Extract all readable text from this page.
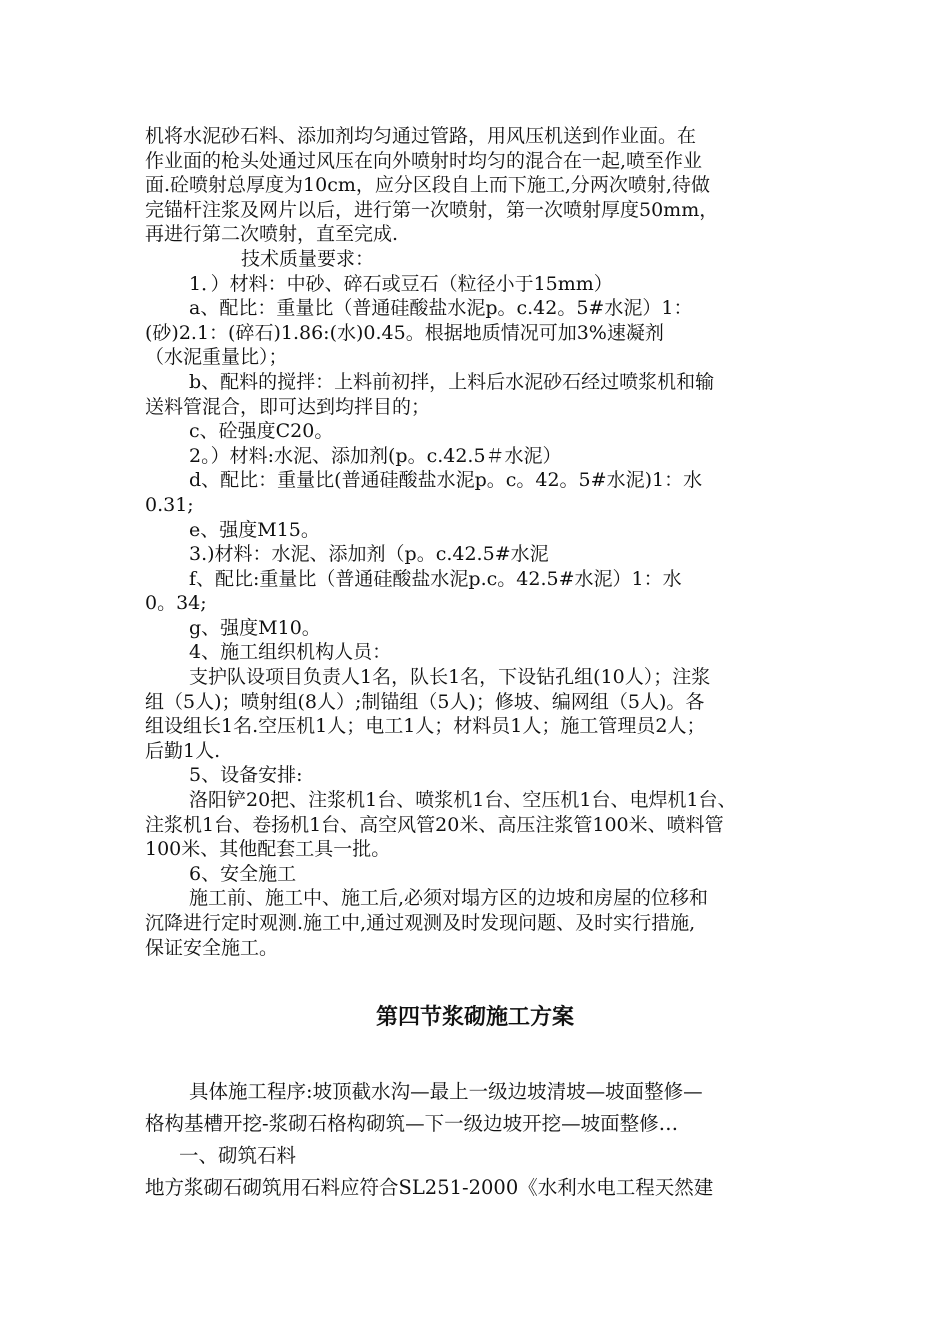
机将水泥砂石料、添加剂均匀通过管路，用风压机送到作业面。在

作业面的枪头处通过风压在向外喷射时均匀的混合在一起,喷至作业

面.砼喷射总厚度为10cm，应分区段自上而下施工,分两次喷射,待做

完锚杆注浆及网片以后，进行第一次喷射，第一次喷射厚度50mm，

再进行第二次喷射，直至完成.

技术质量要求：

1．）材料：中砂、碎石或豆石（粒径小于15mm）

a、配比：重量比（普通硅酸盐水泥p。c.42。5#水泥）1：

(砂)2.1：(碎石)1.86:(水)0.45。根据地质情况可加3%速凝剂

（水泥重量比）；

b、配料的搅拌：上料前初拌，上料后水泥砂石经过喷浆机和输

送料管混合，即可达到均拌目的；

c、砼强度C20。

2。）材料:水泥、添加剂(p。c.42.5＃水泥）

d、配比：重量比(普通硅酸盐水泥p。c。42。5#水泥)1：水

0.31;

e、强度M15。

3.)材料：水泥、添加剂（p。c.42.5#水泥

f、配比:重量比（普通硅酸盐水泥p.c。42.5#水泥）1：水

0。34;

g、强度M10。

4、施工组织机构人员：

支护队设项目负责人1名，队长1名，下设钻孔组(10人）；注浆

组（5人)；喷射组(8人）;制锚组（5人)；修坡、编网组（5人)。各

组设组长1名.空压机1人；电工1人；材料员1人；施工管理员2人；

后勤1人.

5、设备安排:

洛阳铲20把、注浆机1台、喷浆机1台、空压机1台、电焊机1台、

注浆机1台、卷扬机1台、高空风管20米、高压注浆管100米、喷料管

100米、其他配套工具一批。

6、安全施工

施工前、施工中、施工后,必须对塌方区的边坡和房屋的位移和

沉降进行定时观测.施工中,通过观测及时发现问题、及时实行措施,

保证安全施工。

第四节浆砌施工方案

具体施工程序:坡顶截水沟—最上一级边坡清坡—坡面整修—

格构基槽开挖-浆砌石格构砌筑—下一级边坡开挖—坡面整修…

一、砌筑石料

地方浆砌石砌筑用石料应符合SL251-2000《水利水电工程天然建
